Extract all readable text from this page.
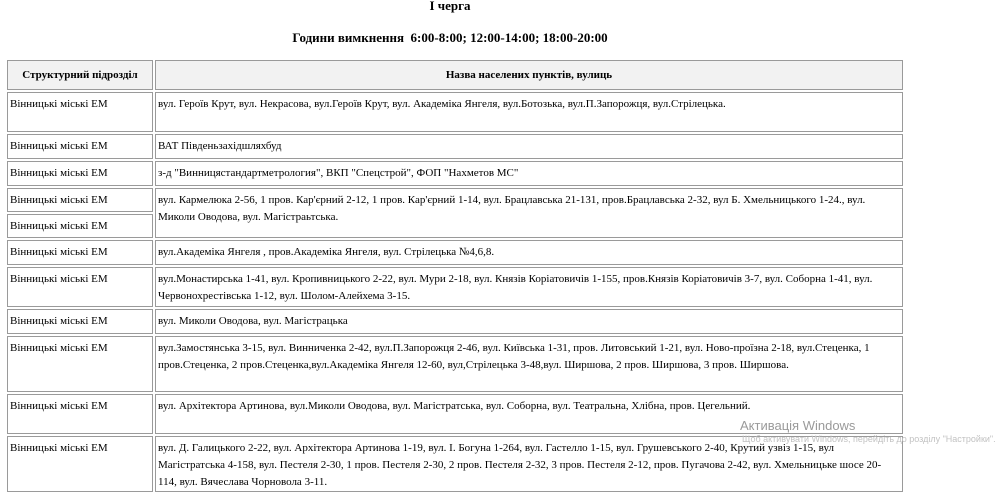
І черга
Години вимкнення 6:00-8:00; 12:00-14:00; 18:00-20:00
Структурний підрозділ	Назва населених пунктів, вулиць
Вінницькі міські ЕМ	вул. Героїв Крут, вул. Некрасова, вул.Героїв Крут, вул. Академіка Янгеля, вул.Ботозька, вул.П.Запорожця, вул.Стрілецька.
Вінницькі міські ЕМ	ВАТ Південьзахідшляхбуд
Вінницькі міські ЕМ	з-д "Винницястандартметрология", ВКП "Спецстрой", ФОП "Нахметов МС"
Вінницькі міські ЕМ	вул. Кармелюка 2-56, 1 пров. Кар'єрний 2-12, 1 пров. Кар'єрний 1-14, вул. Брацлавська 21-131, пров.Брацлавська 2-32, вул Б. Хмельницького 1-24., вул. Миколи Оводова, вул. Магістраьтська.
Вінницькі міські ЕМ	
Вінницькі міські ЕМ	вул.Академіка Янгеля , пров.Академіка Янгеля, вул. Стрілецька №4,6,8.
Вінницькі міські ЕМ	вул.Монастирська 1-41, вул. Кропивницького 2-22, вул. Мури 2-18, вул. Князів Коріатовичів 1-155, пров.Князів Коріатовичів 3-7, вул. Соборна 1-41, вул. Червонохрестівська 1-12, вул. Шолом-Алейхема 3-15.
Вінницькі міські ЕМ	вул. Миколи Оводова, вул. Магістрацька
Вінницькі міські ЕМ	вул.Замостянська 3-15, вул. Винниченка 2-42, вул.П.Запорожця 2-46, вул. Київська 1-31, пров. Литовський 1-21, вул. Ново-проїзна 2-18, вул.Стеценка, 1 пров.Стеценка, 2 пров.Стеценка,вул.Академіка Янгеля 12-60, вул,Стрілецька 3-48,вул. Ширшова, 2 пров. Ширшова, 3 пров. Ширшова.
Вінницькі міські ЕМ	вул. Архітектора Артинова, вул.Миколи Оводова, вул. Магістратська, вул. Соборна, вул. Театральна, Хлібна, пров. Цегельний.
Вінницькі міські ЕМ	вул. Д. Галицького 2-22, вул. Архітектора Артинова 1-19, вул. І. Богуна 1-264, вул. Гастелло 1-15, вул. Грушевського 2-40, Крутий узвіз 1-15, вул Магістратська 4-158, вул. Пестеля 2-30, 1 пров. Пестеля 2-30, 2 пров. Пестеля 2-32, 3 пров. Пестеля 2-12, пров. Пугачова 2-42, вул. Хмельницьке шосе 20-114, вул. Вячеслава Чорновола 3-11.
Активація Windows
Щоб активувати Windows, перейдіть до розділу "Настройки".
